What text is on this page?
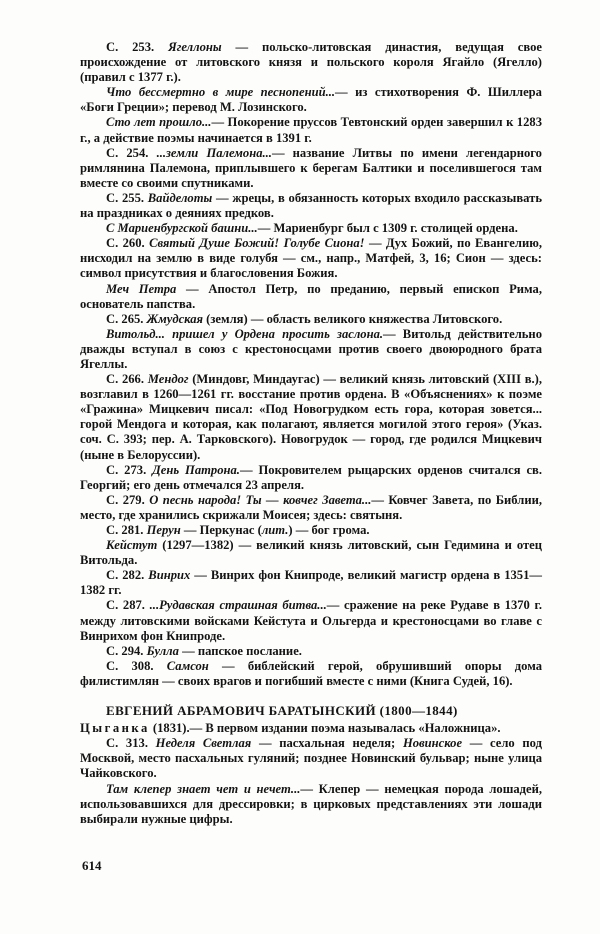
С. 253. Ягеллоны — польско-литовская династия, ведущая свое происхождение от литовского князя и польского короля Ягайло (Ягелло) (правил с 1377 г.).

Что бессмертно в мире песнопений...— из стихотворения Ф. Шиллера «Боги Греции»; перевод М. Лозинского.

Сто лет прошло...— Покорение пруссов Тевтонский орден завершил к 1283 г., а действие поэмы начинается в 1391 г.

С. 254. ...земли Палемона...— название Литвы по имени легендарного римлянина Палемона, приплывшего к берегам Балтики и поселившегося там вместе со своими спутниками.

С. 255. Вайделоты — жрецы, в обязанность которых входило рассказывать на праздниках о деяниях предков.

С Мариенбургской башни...— Мариенбург был с 1309 г. столицей ордена.

С. 260. Святый Душе Божий! Голубе Сиона! — Дух Божий, по Евангелию, нисходил на землю в виде голубя — см., напр., Матфей, 3, 16; Сион — здесь: символ присутствия и благословения Божия.

Меч Петра — Апостол Петр, по преданию, первый епископ Рима, основатель папства.

С. 265. Жмудская (земля) — область великого княжества Литовского.

Витольд... пришел у Ордена просить заслона.— Витольд действительно дважды вступал в союз с крестоносцами против своего двоюродного брата Ягеллы.

С. 266. Мендог (Миндовг, Миндаугас) — великий князь литовский (XIII в.), возглавил в 1260—1261 гг. восстание против ордена. В «Объяснениях» к поэме «Гражина» Мицкевич писал: «Под Новогрудком есть гора, которая зовется... горой Мендога и которая, как полагают, является могилой этого героя» (Указ. соч. С. 393; пер. А. Тарковского). Новогрудок — город, где родился Мицкевич (ныне в Белоруссии).

С. 273. День Патрона.— Покровителем рыцарских орденов считался св. Георгий; его день отмечался 23 апреля.

С. 279. О песнь народа! Ты — ковчег Завета...— Ковчег Завета, по Библии, место, где хранились скрижали Моисея; здесь: святыня.

С. 281. Перун — Перкунас (лит.) — бог грома.

Кейстут (1297—1382) — великий князь литовский, сын Гедимина и отец Витольда.

С. 282. Винрих — Винрих фон Книпроде, великий магистр ордена в 1351—1382 гг.

С. 287. ...Рудавская страшная битва...— сражение на реке Рудаве в 1370 г. между литовскими войсками Кейстута и Ольгерда и крестоносцами во главе с Винрихом фон Книпроде.

С. 294. Булла — папское послание.

С. 308. Самсон — библейский герой, обрушивший опоры дома филистимлян — своих врагов и погибший вместе с ними (Книга Судей, 16).

ЕВГЕНИЙ АБРАМОВИЧ БАРАТЫНСКИЙ (1800—1844)

Цыганка (1831).— В первом издании поэма называлась «Наложница».

С. 313. Неделя Светлая — пасхальная неделя; Новинское — село под Москвой, место пасхальных гуляний; позднее Новинский бульвар; ныне улица Чайковского.

Там клепер знает чет и нечет...— Клепер — немецкая порода лошадей, использовавшихся для дрессировки; в цирковых представлениях эти лошади выбирали нужные цифры.

614
